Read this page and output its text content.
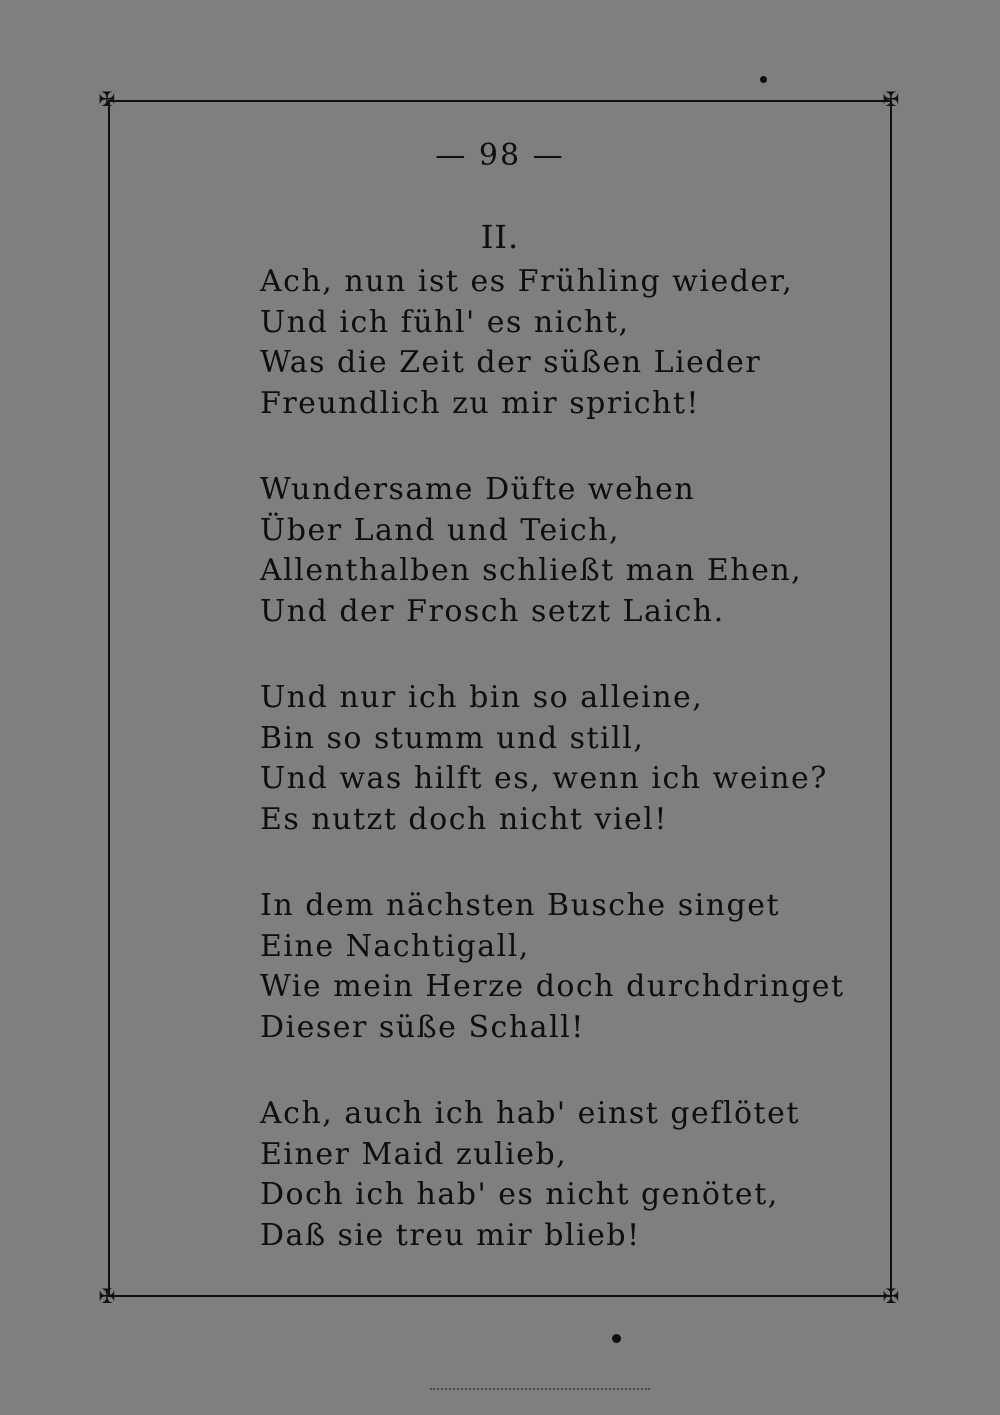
✠	✠
✠	✠
— 98 —
II.
Ach, nun ist es Frühling wieder,
Und ich fühl' es nicht,
Was die Zeit der süßen Lieder
Freundlich zu mir spricht!
Wundersame Düfte wehen
Über Land und Teich,
Allenthalben schließt man Ehen,
Und der Frosch setzt Laich.
Und nur ich bin so alleine,
Bin so stumm und still,
Und was hilft es, wenn ich weine?
Es nutzt doch nicht viel!
In dem nächsten Busche singet
Eine Nachtigall,
Wie mein Herze doch durchdringet
Dieser süße Schall!
Ach, auch ich hab' einst geflötet
Einer Maid zulieb,
Doch ich hab' es nicht genötet,
Daß sie treu mir blieb!
